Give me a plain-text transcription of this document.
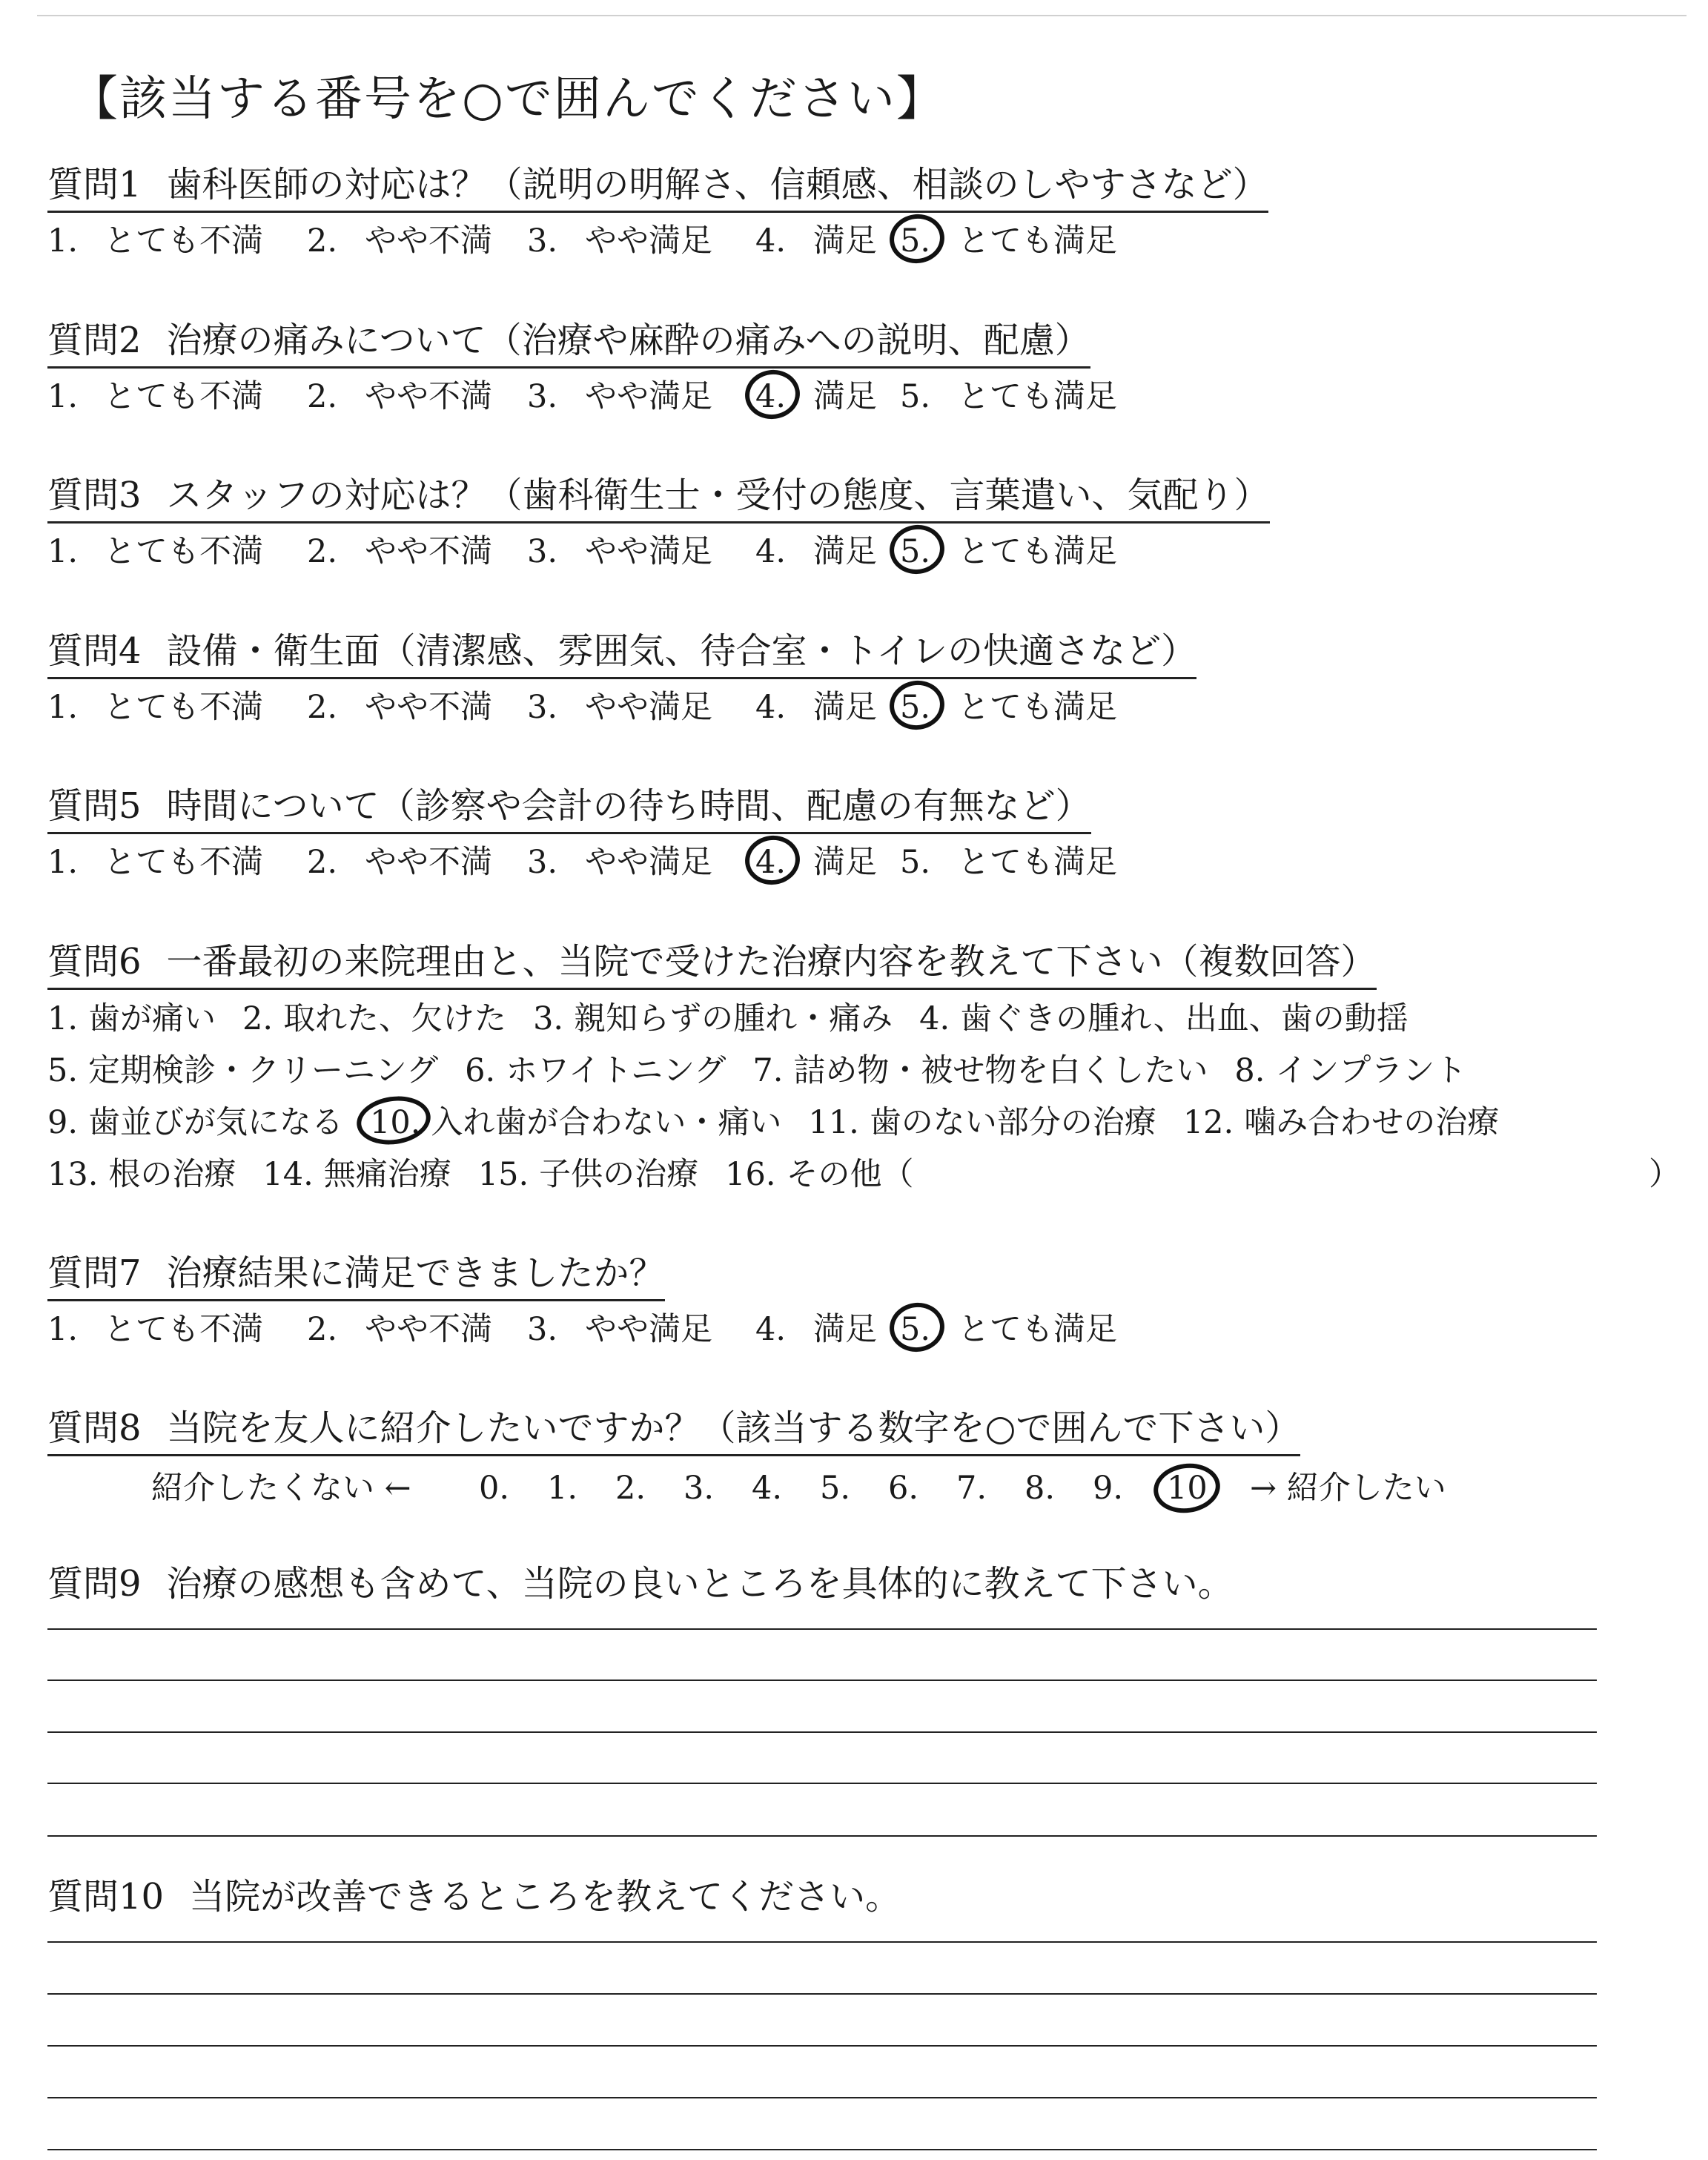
【該当する番号を○で囲んでください】
質問1 歯科医師の対応は？（説明の明解さ、信頼感、相談のしやすさなど）
1. とても不満 2. やや不満 3. やや満足 4. 満足 5. とても満足
質問2 治療の痛みについて（治療や麻酔の痛みへの説明、配慮）
1. とても不満 2. やや不満 3. やや満足 4. 満足 5. とても満足
質問3 スタッフの対応は？（歯科衛生士・受付の態度、言葉遣い、気配り）
1. とても不満 2. やや不満 3. やや満足 4. 満足 5. とても満足
質問4 設備・衛生面（清潔感、雰囲気、待合室・トイレの快適さなど）
1. とても不満 2. やや不満 3. やや満足 4. 満足 5. とても満足
質問5 時間について（診察や会計の待ち時間、配慮の有無など）
1. とても不満 2. やや不満 3. やや満足 4. 満足 5. とても満足
質問6 一番最初の来院理由と、当院で受けた治療内容を教えて下さい（複数回答）
1. 歯が痛い 2. 取れた、欠けた 3. 親知らずの腫れ・痛み 4. 歯ぐきの腫れ、出血、歯の動揺
5. 定期検診・クリーニング 6. ホワイトニング 7. 詰め物・被せ物を白くしたい 8. インプラント
9. 歯並びが気になる 10. 入れ歯が合わない・痛い 11. 歯のない部分の治療 12. 噛み合わせの治療
13. 根の治療 14. 無痛治療 15. 子供の治療 16. その他（	）
質問7 治療結果に満足できましたか？
1. とても不満 2. やや不満 3. やや満足 4. 満足 5. とても満足
質問8 当院を友人に紹介したいですか？（該当する数字を○で囲んで下さい）
紹介したくない ← 0. 1. 2. 3. 4. 5. 6. 7. 8. 9. 10 → 紹介したい
質問9 治療の感想も含めて、当院の良いところを具体的に教えて下さい。
質問10 当院が改善できるところを教えてください。
